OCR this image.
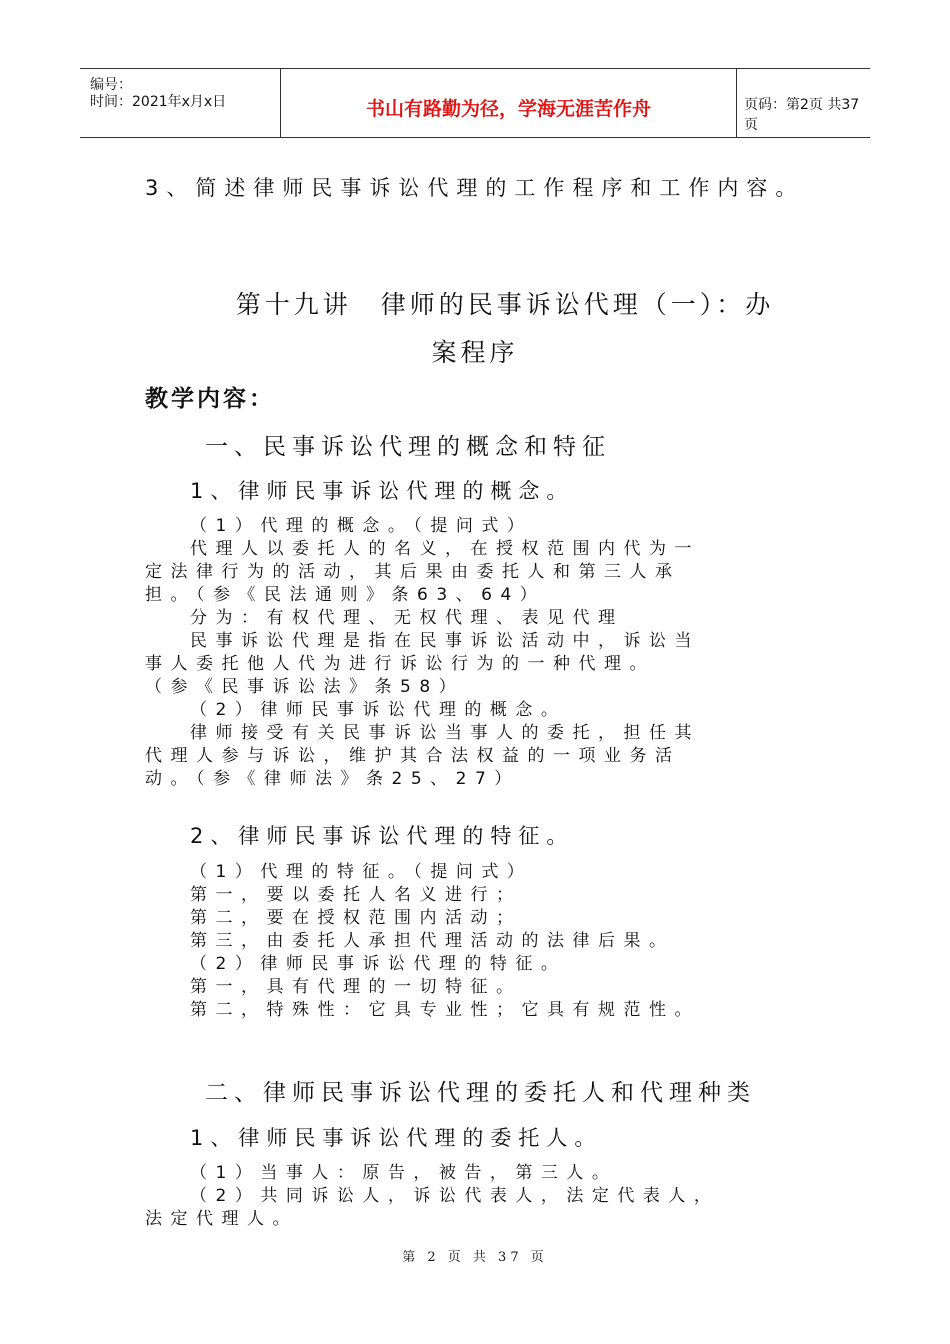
编号：
时间：2021年x月x日	书山有路勤为径，学海无涯苦作舟	页码：第2页 共37页
3、简述律师民事诉讼代理的工作程序和工作内容。
第十九讲　律师的民事诉讼代理（一）：办
案程序
教学内容：
一、民事诉讼代理的概念和特征
1、律师民事诉讼代理的概念。
（1）代理的概念。（提问式）
代理人以委托人的名义，在授权范围内代为一
定法律行为的活动，其后果由委托人和第三人承
担。（参《民法通则》条63、64）
分为：有权代理、无权代理、表见代理
民事诉讼代理是指在民事诉讼活动中，诉讼当
事人委托他人代为进行诉讼行为的一种代理。
（参《民事诉讼法》条58）
（2）律师民事诉讼代理的概念。
律师接受有关民事诉讼当事人的委托，担任其
代理人参与诉讼，维护其合法权益的一项业务活
动。（参《律师法》条25、27）
2、律师民事诉讼代理的特征。
（1）代理的特征。（提问式）
第一，要以委托人名义进行；
第二，要在授权范围内活动；
第三，由委托人承担代理活动的法律后果。
（2）律师民事诉讼代理的特征。
第一，具有代理的一切特征。
第二，特殊性：它具专业性；它具有规范性。
二、律师民事诉讼代理的委托人和代理种类
1、律师民事诉讼代理的委托人。
（1）当事人：原告，被告，第三人。
（2）共同诉讼人，诉讼代表人，法定代表人，
法定代理人。
第 2 页 共 37 页
